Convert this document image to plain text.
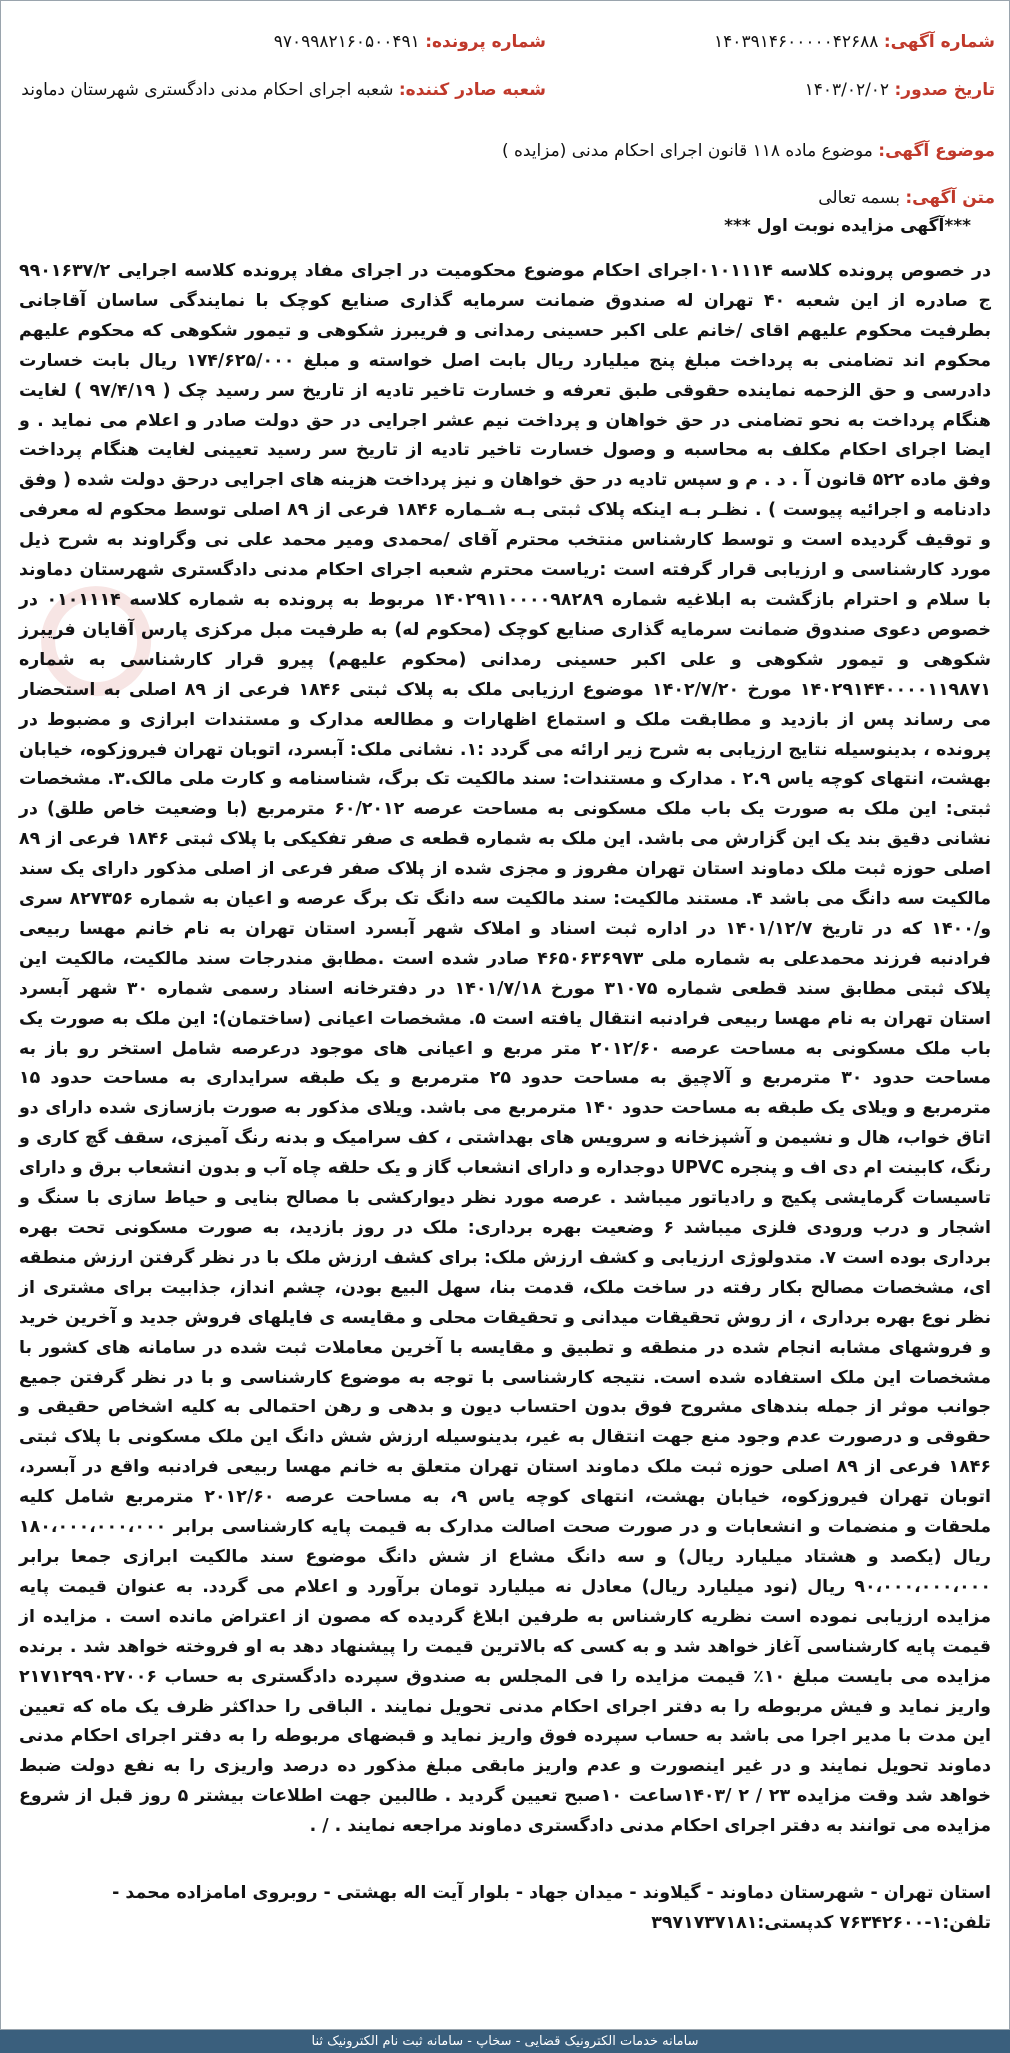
شماره آگهی: ۱۴۰۳۹۱۴۶۰۰۰۰۰۴۲۶۸۸
شماره پرونده: ۹۷۰۹۹۸۲۱۶۰۵۰۰۴۹۱
تاریخ صدور: ۱۴۰۳/۰۲/۰۲
شعبه صادر کننده: شعبه اجرای احکام مدنی دادگستری شهرستان دماوند
موضوع آگهی: موضوع ماده ۱۱۸ قانون اجرای احکام مدنی (مزایده )
متن آگهی: بسمه تعالی
***آگهی مزایده نوبت اول ***
در خصوص پرونده کلاسه ۰۱۰۱۱۱۴اجرای احکام موضوع محکومیت در اجرای مفاد پرونده کلاسه اجرایی ۹۹۰۱۶۳۷/۲ ج صادره از این شعبه ۴۰ تهران له صندوق ضمانت سرمایه گذاری صنایع کوچک با نمایندگی ساسان آقاجانی بطرفیت محکوم علیهم اقای /خانم علی اکبر حسینی رمدانی و فریبرز شکوهی و تیمور شکوهی که محکوم علیهم محکوم اند تضامنی به پرداخت مبلغ پنج میلیارد ریال بابت اصل خواسته و مبلغ ۱۷۴/۶۲۵/۰۰۰ ریال بابت خسارت دادرسی و حق الزحمه نماینده حقوقی طبق تعرفه و خسارت تاخیر تادیه از تاریخ سر رسید چک ( ۹۷/۴/۱۹ ) لغایت هنگام پرداخت به نحو تضامنی در حق خواهان و پرداخت نیم عشر اجرایی در حق دولت صادر و اعلام می نماید . و ایضا اجرای احکام مکلف به محاسبه و وصول خسارت تاخیر تادیه از تاریخ سر رسید تعیینی لغایت هنگام پرداخت وفق ماده ۵۲۲ قانون آ . د . م و سپس تادیه در حق خواهان و نیز پرداخت هزینه های اجرایی درحق دولت شده ( وفق دادنامه و اجرائیه پیوست ) . نظـر بـه اینکه پلاک ثبتی بـه شـماره ۱۸۴۶ فرعی از ۸۹ اصلی توسط محکوم له معرفی و توقیف گردیده است و توسط کارشناس منتخب محترم آقای /محمدی ومیر محمد علی نی وگراوند به شرح ذیل مورد کارشناسی و ارزیابی قرار گرفته است :ریاست محترم شعبه اجرای احکام مدنی دادگستری شهرستان دماوند با سلام و احترام بازگشت به ابلاغیه شماره ۱۴۰۲۹۱۱۰۰۰۰۹۸۲۸۹ مربوط به پرونده به شماره کلاسه ۰۱۰۱۱۱۴ در خصوص دعوی صندوق ضمانت سرمایه گذاری صنایع کوچک (محکوم له) به طرفیت مبل مرکزی پارس آقایان فریبرز شکوهی و تیمور شکوهی و علی اکبر حسینی رمدانی (محکوم علیهم) پیرو قرار کارشناسی به شماره ۱۴۰۲۹۱۴۴۰۰۰۰۱۱۹۸۷۱ مورخ ۱۴۰۲/۷/۲۰ موضوع ارزیابی ملک به پلاک ثبتی ۱۸۴۶ فرعی از ۸۹ اصلی به استحضار می رساند پس از بازدید و مطابقت ملک و استماع اظهارات و مطالعه مدارک و مستندات ابرازی و مضبوط در پرونده ، بدینوسیله نتایج ارزیابی به شرح زیر ارائه می گردد :۱. نشانی ملک: آبسرد، اتوبان تهران فیروزکوه، خیابان بهشت، انتهای کوچه یاس ۲.۹ . مدارک و مستندات: سند مالکیت تک برگ، شناسنامه و کارت ملی مالک.۳. مشخصات ثبتی: این ملک به صورت یک باب ملک مسکونی به مساحت عرصه ۶۰/۲۰۱۲ مترمربع (با وضعیت خاص طلق) در نشانی دقیق بند یک این گزارش می باشد. این ملک به شماره قطعه ی صفر تفکیکی با پلاک ثبتی ۱۸۴۶ فرعی از ۸۹ اصلی حوزه ثبت ملک دماوند استان تهران مفروز و مجزی شده از پلاک صفر فرعی از اصلی مذکور دارای یک سند مالکیت سه دانگ می باشد ۴. مستند مالکیت: سند مالکیت سه دانگ تک برگ عرصه و اعیان به شماره ۸۲۷۳۵۶ سری و/۱۴۰۰ که در تاریخ ۱۴۰۱/۱۲/۷ در اداره ثبت اسناد و املاک شهر آبسرد استان تهران به نام خانم مهسا ربیعی فرادنبه فرزند محمدعلی به شماره ملی ۴۶۵۰۶۳۶۹۷۳ صادر شده است .مطابق مندرجات سند مالکیت، مالکیت این پلاک ثبتی مطابق سند قطعی شماره ۳۱۰۷۵ مورخ ۱۴۰۱/۷/۱۸ در دفترخانه اسناد رسمی شماره ۳۰ شهر آبسرد استان تهران به نام مهسا ربیعی فرادنبه انتقال یافته است ۵. مشخصات اعیانی (ساختمان): این ملک به صورت یک باب ملک مسکونی به مساحت عرصه ۲۰۱۲/۶۰ متر مربع و اعیانی های موجود درعرصه شامل استخر رو باز به مساحت حدود ۳۰ مترمربع و آلاچیق به مساحت حدود ۲۵ مترمربع و یک طبقه سرایداری به مساحت حدود ۱۵ مترمربع و ویلای یک طبقه به مساحت حدود ۱۴۰ مترمربع می باشد. ویلای مذکور به صورت بازسازی شده دارای دو اتاق خواب، هال و نشیمن و آشپزخانه و سرویس های بهداشتی ، کف سرامیک و بدنه رنگ آمیزی، سقف گچ کاری و رنگ، کابینت ام دی اف و پنجره UPVC دوجداره و دارای انشعاب گاز و یک حلقه چاه آب و بدون انشعاب برق و دارای تاسیسات گرمایشی پکیج و رادیاتور میباشد . عرصه مورد نظر دیوارکشی با مصالح بنایی و حیاط سازی با سنگ و اشجار و درب ورودی فلزی میباشد ۶ وضعیت بهره برداری: ملک در روز بازدید، به صورت مسکونی تحت بهره برداری بوده است ۷. متدولوژی ارزیابی و کشف ارزش ملک: برای کشف ارزش ملک با در نظر گرفتن ارزش منطقه ای، مشخصات مصالح بکار رفته در ساخت ملک، قدمت بنا، سهل البیع بودن، چشم انداز، جذابیت برای مشتری از نظر نوع بهره برداری ، از روش تحقیقات میدانی و تحقیقات محلی و مقایسه ی فایلهای فروش جدید و آخرین خرید و فروشهای مشابه انجام شده در منطقه و تطبیق و مقایسه با آخرین معاملات ثبت شده در سامانه های کشور با مشخصات این ملک استفاده شده است. نتیجه کارشناسی با توجه به موضوع کارشناسی و با در نظر گرفتن جمیع جوانب موثر از جمله بندهای مشروح فوق بدون احتساب دیون و بدهی و رهن احتمالی به کلیه اشخاص حقیقی و حقوقی و درصورت عدم وجود منع جهت انتقال به غیر، بدینوسیله ارزش شش دانگ این ملک مسکونی با پلاک ثبتی ۱۸۴۶ فرعی از ۸۹ اصلی حوزه ثبت ملک دماوند استان تهران متعلق به خانم مهسا ربیعی فرادنبه واقع در آبسرد، اتوبان تهران فیروزکوه، خیابان بهشت، انتهای کوچه یاس ۹، به مساحت عرصه ۲۰۱۲/۶۰ مترمربع شامل کلیه ملحقات و منضمات و انشعابات و در صورت صحت اصالت مدارک به قیمت پایه کارشناسی برابر ۱۸۰،۰۰۰،۰۰۰،۰۰۰ ریال (یکصد و هشتاد میلیارد ریال) و سه دانگ مشاع از شش دانگ موضوع سند مالکیت ابرازی جمعا برابر ۹۰،۰۰۰،۰۰۰،۰۰۰ ریال (نود میلیارد ریال) معادل نه میلیارد تومان برآورد و اعلام می گردد. به عنوان قیمت پایه مزایده ارزیابی نموده است نظریه کارشناس به طرفین ابلاغ گردیده که مصون از اعتراض مانده است . مزایده از قیمت پایه کارشناسی آغاز خواهد شد و به کسی که بالاترین قیمت را پیشنهاد دهد به او فروخته خواهد شد . برنده مزایده می بایست مبلغ ۱۰٪ قیمت مزایده را فی المجلس به صندوق سپرده دادگستری به حساب ۲۱۷۱۲۹۹۰۲۷۰۰۶ واریز نماید و فیش مربوطه را به دفتر اجرای احکام مدنی تحویل نمایند . الباقی را حداکثر ظرف یک ماه که تعیین این مدت با مدیر اجرا می باشد به حساب سپرده فوق واریز نماید و قبضهای مربوطه را به دفتر اجرای احکام مدنی دماوند تحویل نمایند و در غیر اینصورت و عدم واریز مابقی مبلغ مذکور ده درصد واریزی را به نفع دولت ضبط خواهد شد وقت مزایده ۲۳ / ۲ /۱۴۰۳ساعت ۱۰صبح تعیین گردید . طالبین جهت اطلاعات بیشتر ۵ روز قبل از شروع مزایده می توانند به دفتر اجرای احکام مدنی دادگستری دماوند مراجعه نمایند . / .
استان تهران - شهرستان دماوند - گیلاوند - میدان جهاد - بلوار آیت اله بهشتی - روبروی امامزاده محمد - تلفن:۱-۷۶۳۴۲۶۰۰ کدپستی:۳۹۷۱۷۳۷۱۸۱
سامانه خدمات الکترونیک قضایی - سخاپ - سامانه ثبت نام الکترونیک ثنا
